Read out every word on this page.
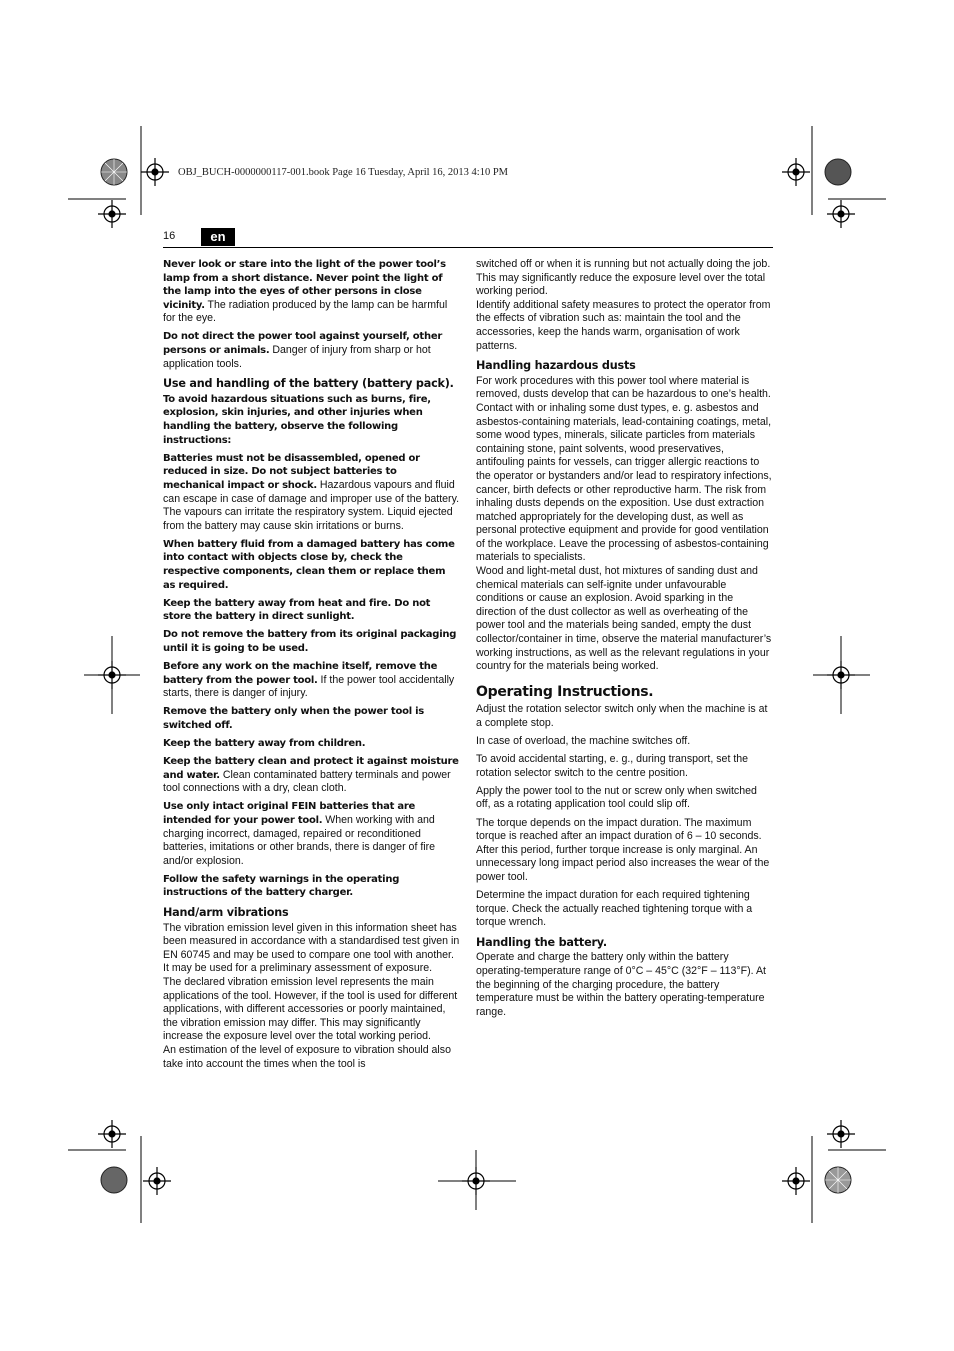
OBJ_BUCH-0000000117-001.book Page 16 Tuesday, April 16, 2013 4:10 PM
16	en

Never look or stare into the light of the power tool’s lamp from a short distance. Never point the light of the lamp into the eyes of other persons in close vicinity. The radiation produced by the lamp can be harmful for the eye.

Do not direct the power tool against yourself, other persons or animals. Danger of injury from sharp or hot application tools.

Use and handling of the battery (battery pack).

To avoid hazardous situations such as burns, fire, explosion, skin injuries, and other injuries when handling the battery, observe the following instructions:

Batteries must not be disassembled, opened or reduced in size. Do not subject batteries to mechanical impact or shock. Hazardous vapours and fluid can escape in case of damage and improper use of the battery. The vapours can irritate the respiratory system. Liquid ejected from the battery may cause skin irritations or burns.

When battery fluid from a damaged battery has come into contact with objects close by, check the respective components, clean them or replace them as required.

Keep the battery away from heat and fire. Do not store the battery in direct sunlight.

Do not remove the battery from its original packaging until it is going to be used.

Before any work on the machine itself, remove the battery from the power tool. If the power tool accidentally starts, there is danger of injury.

Remove the battery only when the power tool is switched off.

Keep the battery away from children.

Keep the battery clean and protect it against moisture and water. Clean contaminated battery terminals and power tool connections with a dry, clean cloth.

Use only intact original FEIN batteries that are intended for your power tool. When working with and charging incorrect, damaged, repaired or reconditioned batteries, imitations or other brands, there is danger of fire and/or explosion.

Follow the safety warnings in the operating instructions of the battery charger.

Hand/arm vibrations

The vibration emission level given in this information sheet has been measured in accordance with a standardised test given in EN 60745 and may be used to compare one tool with another. It may be used for a preliminary assessment of exposure.

The declared vibration emission level represents the main applications of the tool. However, if the tool is used for different applications, with different accessories or poorly maintained, the vibration emission may differ. This may significantly increase the exposure level over the total working period.

An estimation of the level of exposure to vibration should also take into account the times when the tool is

switched off or when it is running but not actually doing the job. This may significantly reduce the exposure level over the total working period.

Identify additional safety measures to protect the operator from the effects of vibration such as: maintain the tool and the accessories, keep the hands warm, organisation of work patterns.

Handling hazardous dusts

For work procedures with this power tool where material is removed, dusts develop that can be hazardous to one’s health.

Contact with or inhaling some dust types, e. g. asbestos and asbestos-containing materials, lead-containing coatings, metal, some wood types, minerals, silicate particles from materials containing stone, paint solvents, wood preservatives, antifouling paints for vessels, can trigger allergic reactions to the operator or bystanders and/or lead to respiratory infections, cancer, birth defects or other reproductive harm. The risk from inhaling dusts depends on the exposition. Use dust extraction matched appropriately for the developing dust, as well as personal protective equipment and provide for good ventilation of the workplace. Leave the processing of asbestos-containing materials to specialists.

Wood and light-metal dust, hot mixtures of sanding dust and chemical materials can self-ignite under unfavourable conditions or cause an explosion. Avoid sparking in the direction of the dust collector as well as overheating of the power tool and the materials being sanded, empty the dust collector/container in time, observe the material manufacturer’s working instructions, as well as the relevant regulations in your country for the materials being worked.

Operating Instructions.

Adjust the rotation selector switch only when the machine is at a complete stop.

In case of overload, the machine switches off.

To avoid accidental starting, e. g., during transport, set the rotation selector switch to the centre position.

Apply the power tool to the nut or screw only when switched off, as a rotating application tool could slip off.

The torque depends on the impact duration. The maximum torque is reached after an impact duration of 6 – 10 seconds. After this period, further torque increase is only marginal. An unnecessary long impact period also increases the wear of the power tool.

Determine the impact duration for each required tightening torque. Check the actually reached tightening torque with a torque wrench.

Handling the battery.

Operate and charge the battery only within the battery operating-temperature range of 0°C – 45°C (32°F – 113°F). At the beginning of the charging procedure, the battery temperature must be within the battery operating-temperature range.
